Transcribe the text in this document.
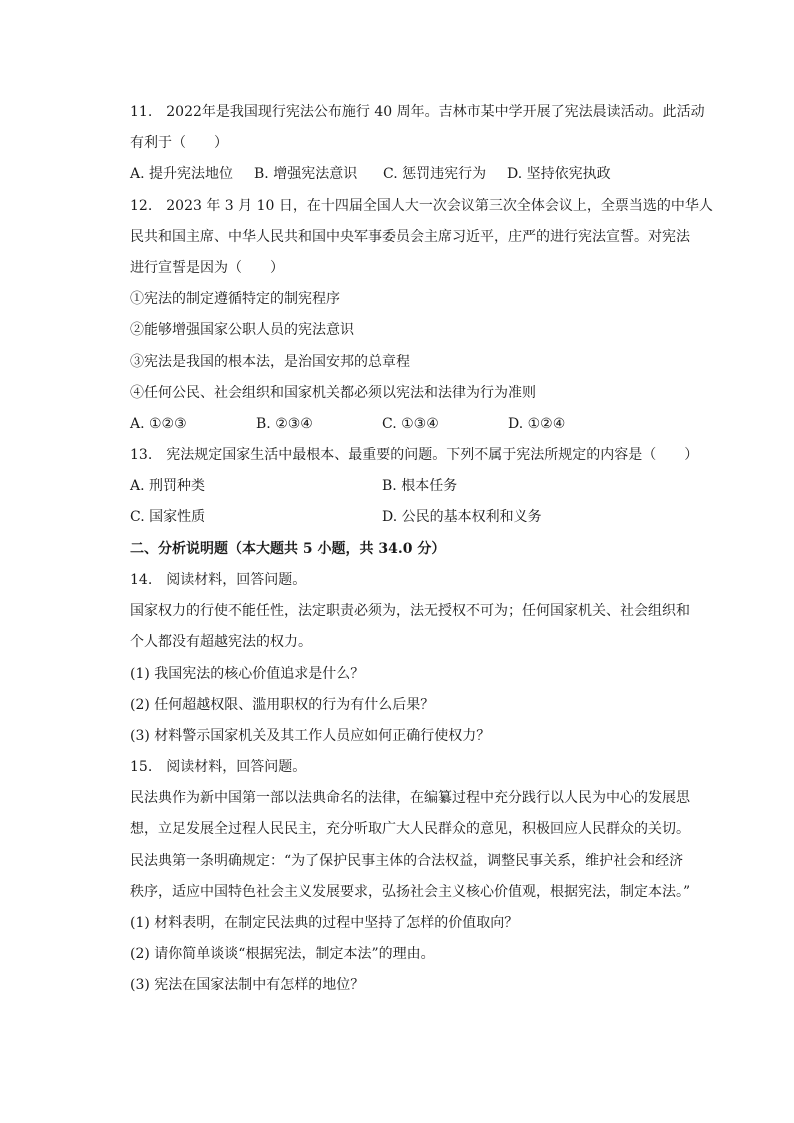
11.　2022年是我国现行宪法公布施行 40 周年。吉林市某中学开展了宪法晨读活动。此活动
有利于（　　）
A. 提升宪法地位 B. 增强宪法意识 C. 惩罚违宪行为 D. 坚持依宪执政
12.　2023 年 3 月 10 日，在十四届全国人大一次会议第三次全体会议上，全票当选的中华人
民共和国主席、中华人民共和国中央军事委员会主席习近平，庄严的进行宪法宣誓。对宪法
进行宣誓是因为（　　）
①宪法的制定遵循特定的制宪程序
②能够增强国家公职人员的宪法意识
③宪法是我国的根本法，是治国安邦的总章程
④任何公民、社会组织和国家机关都必须以宪法和法律为行为准则
A. ①②③	B. ②③④	C. ①③④	D. ①②④
13.　宪法规定国家生活中最根本、最重要的问题。下列不属于宪法所规定的内容是（　　）
A. 刑罚种类	B. 根本任务
C. 国家性质	D. 公民的基本权利和义务
二、分析说明题（本大题共 5 小题，共 34.0 分）
14.　阅读材料，回答问题。
国家权力的行使不能任性，法定职责必须为，法无授权不可为；任何国家机关、社会组织和
个人都没有超越宪法的权力。
(1) 我国宪法的核心价值追求是什么？
(2) 任何超越权限、滥用职权的行为有什么后果？
(3) 材料警示国家机关及其工作人员应如何正确行使权力？
15.　阅读材料，回答问题。
民法典作为新中国第一部以法典命名的法律，在编纂过程中充分践行以人民为中心的发展思
想，立足发展全过程人民民主，充分听取广大人民群众的意见，积极回应人民群众的关切。
民法典第一条明确规定：“为了保护民事主体的合法权益，调整民事关系，维护社会和经济
秩序，适应中国特色社会主义发展要求，弘扬社会主义核心价值观，根据宪法，制定本法。”
(1) 材料表明，在制定民法典的过程中坚持了怎样的价值取向？
(2) 请你简单谈谈“根据宪法，制定本法”的理由。
(3) 宪法在国家法制中有怎样的地位？
